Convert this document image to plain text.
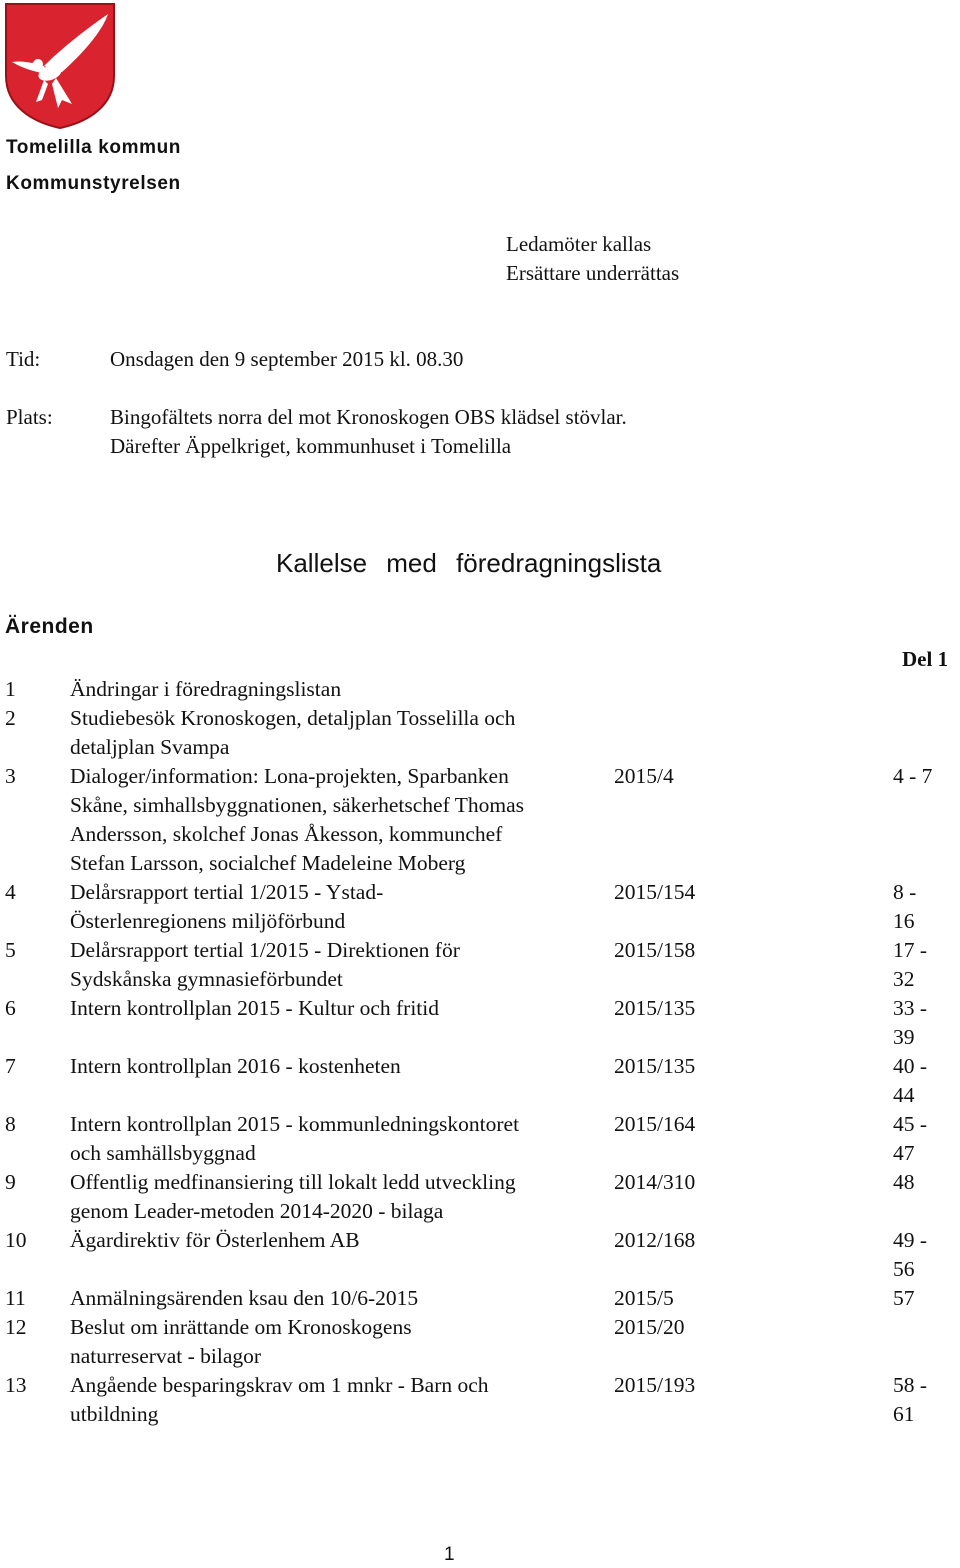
Tomelilla kommun
Kommunstyrelsen
Ledamöter kallas
Ersättare underrättas
Tid:	Onsdagen den 9 september 2015 kl. 08.30
Plats:	Bingofältets norra del mot Kronoskogen OBS klädsel stövlar.
Därefter Äppelkriget, kommunhuset i Tomelilla
Kallelse med föredragningslista
Ärenden
Del 1
1	Ändringar i föredragningslistan
2	Studiebesök Kronoskogen, detaljplan Tosselilla och
detaljplan Svampa
3	Dialoger/information: Lona-projekten, Sparbanken
Skåne, simhallsbyggnationen, säkerhetschef Thomas
Andersson, skolchef Jonas Åkesson, kommunchef
Stefan Larsson, socialchef Madeleine Moberg
2015/4	4 - 7
4	Delårsrapport tertial 1/2015 - Ystad-
Österlenregionens miljöförbund
2015/154	8 - 16
5	Delårsrapport tertial 1/2015 - Direktionen för
Sydskånska gymnasieförbundet
2015/158	17 -
32
6	Intern kontrollplan 2015 - Kultur och fritid	2015/135	33 -
39
7	Intern kontrollplan 2016 - kostenheten	2015/135	40 -
44
8	Intern kontrollplan 2015 - kommunledningskontoret
och samhällsbyggnad
2015/164	45 -
47
9	Offentlig medfinansiering till lokalt ledd utveckling
genom Leader-metoden 2014-2020 - bilaga
2014/310	48
10	Ägardirektiv för Österlenhem AB	2012/168	49 -
56
11	Anmälningsärenden ksau den 10/6-2015	2015/5	57
12	Beslut om inrättande om Kronoskogens
naturreservat - bilagor
2015/20
13	Angående besparingskrav om 1 mnkr - Barn och
utbildning
2015/193	58 -
61
1
